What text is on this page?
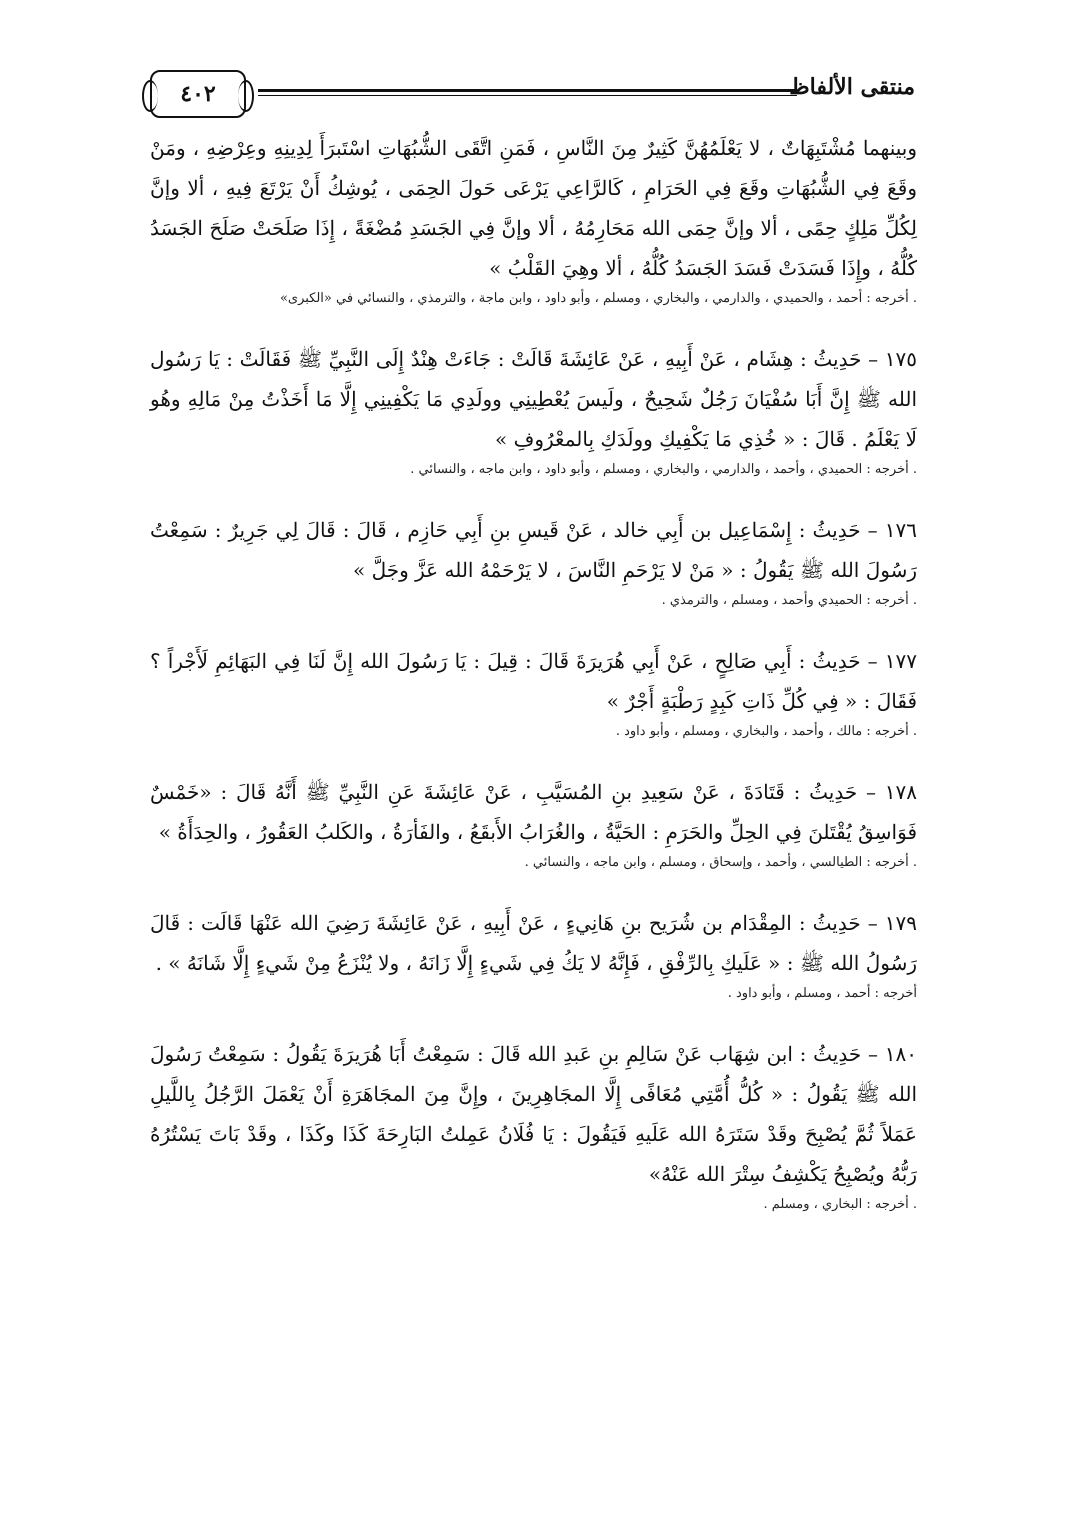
منتقى الألفاظ
٤٠٢

وبينهما مُشْتَبِهَاتٌ ، لا يَعْلَمُهُنَّ كَثِيرٌ مِنَ النَّاسِ ، فَمَنِ اتَّقَى الشُّبُهَاتِ اسْتَبرَأَ لِدِينِهِ وعِرْضِهِ ، ومَنْ وقَعَ فِي الشُّبُهَاتِ وقَعَ فِي الحَرَامِ ، كَالرَّاعِي يَرْعَى حَولَ الحِمَى ، يُوشِكُ أَنْ يَرْتَعَ فِيهِ ، ألا وإنَّ لِكُلِّ مَلِكٍ حِمًى ، ألا وإنَّ حِمَى الله مَحَارِمُهُ ، ألا وإنَّ فِي الجَسَدِ مُضْغَةً ، إِذَا صَلَحَتْ صَلَحَ الجَسَدُ كُلُّهُ ، وإِذَا فَسَدَتْ فَسَدَ الجَسَدُ كُلُّهُ ، ألا وهِيَ القَلْبُ »

. أخرجه : أحمد ، والحميدي ، والدارمي ، والبخاري ، ومسلم ، وأبو داود ، وابن ماجة ، والترمذي ، والنسائي في «الكبرى»

١٧٥ – حَدِيثُ : هِشَام ، عَنْ أَبِيهِ ، عَنْ عَائِشَةَ قَالَتْ : جَاءَتْ هِنْدٌ إِلَى النَّبِيِّ ﷺ فَقَالَتْ : يَا رَسُول الله ﷺ إِنَّ أَبَا سُفْيَانَ رَجُلٌ شَحِيحٌ ، ولَيسَ يُعْطِينِي وولَدِي مَا يَكْفِينِي إِلَّا مَا أَخَذْتُ مِنْ مَالِهِ وهُو لَا يَعْلَمُ . قَالَ : « خُذِي مَا يَكْفِيكِ وولَدَكِ بِالمعْرُوفِ »

. أخرجه : الحميدي ، وأحمد ، والدارمي ، والبخاري ، ومسلم ، وأبو داود ، وابن ماجه ، والنسائي .

١٧٦ – حَدِيثُ : إِسْمَاعِيل بن أَبِي خالد ، عَنْ قَيسِ بنِ أَبِي حَازِم ، قَالَ : قَالَ لِي جَرِيرٌ : سَمِعْتُ رَسُولَ الله ﷺ يَقُولُ : « مَنْ لا يَرْحَمِ النَّاسَ ، لا يَرْحَمْهُ الله عَزَّ وجَلَّ »

. أخرجه : الحميدي وأحمد ، ومسلم ، والترمذي .

١٧٧ – حَدِيثُ : أَبِي صَالِحٍ ، عَنْ أَبِي هُرَيرَةَ قَالَ : قِيلَ : يَا رَسُولَ الله إِنَّ لَنَا فِي البَهَائِمِ لَأَجْراً ؟ فَقَالَ : « فِي كُلِّ ذَاتِ كَبِدٍ رَطْبَةٍ أَجْرٌ »

. أخرجه : مالك ، وأحمد ، والبخاري ، ومسلم ، وأبو داود .

١٧٨ – حَدِيثُ : قَتَادَةَ ، عَنْ سَعِيدِ بنِ المُسَيَّبِ ، عَنْ عَائِشَةَ عَنِ النَّبِيِّ ﷺ أَنَّهُ قَالَ : «خَمْسٌ فَوَاسِقُ يُقْتَلنَ فِي الحِلِّ والحَرَمِ : الحَيَّةُ ، والغُرَابُ الأَبقَعُ ، والفَأرَةُ ، والكَلبُ العَقُورُ ، والحِدَأَةُ »

. أخرجه : الطيالسي ، وأحمد ، وإسحاق ، ومسلم ، وابن ماجه ، والنسائي .

١٧٩ – حَدِيثُ : المِقْدَام بن شُرَيح بنِ هَانِيءٍ ، عَنْ أَبِيهِ ، عَنْ عَائِشَةَ رَضِيَ الله عَنْهَا قَالَت : قَالَ رَسُولُ الله ﷺ : « عَلَيكِ بِالرِّفْقِ ، فَإِنَّهُ لا يَكُ فِي شَيءٍ إِلَّا زَانَهُ ، ولا يُنْزَعُ مِنْ شَيءٍ إِلَّا شَانَهُ » .

أخرجه : أحمد ، ومسلم ، وأبو داود .

١٨٠ – حَدِيثُ : ابن شِهَاب عَنْ سَالِمِ بنِ عَبدِ الله قَالَ : سَمِعْتُ أَبَا هُرَيرَةَ يَقُولُ : سَمِعْتُ رَسُولَ الله ﷺ يَقُولُ : « كُلُّ أُمَّتِي مُعَافًى إِلَّا المجَاهِرِينَ ، وإِنَّ مِنَ المجَاهَرَةِ أَنْ يَعْمَلَ الرَّجُلُ بِاللَّيلِ عَمَلاً ثُمَّ يُصْبِحَ وقَدْ سَتَرَهُ الله عَلَيهِ فَيَقُولَ : يَا فُلَانُ عَمِلتُ البَارِحَةَ كَذَا وكَذَا ، وقَدْ بَاتَ يَسْتُرُهُ رَبُّهُ ويُصْبِحُ يَكْشِفُ سِتْرَ الله عَنْهُ»

. أخرجه : البخاري ، ومسلم .
